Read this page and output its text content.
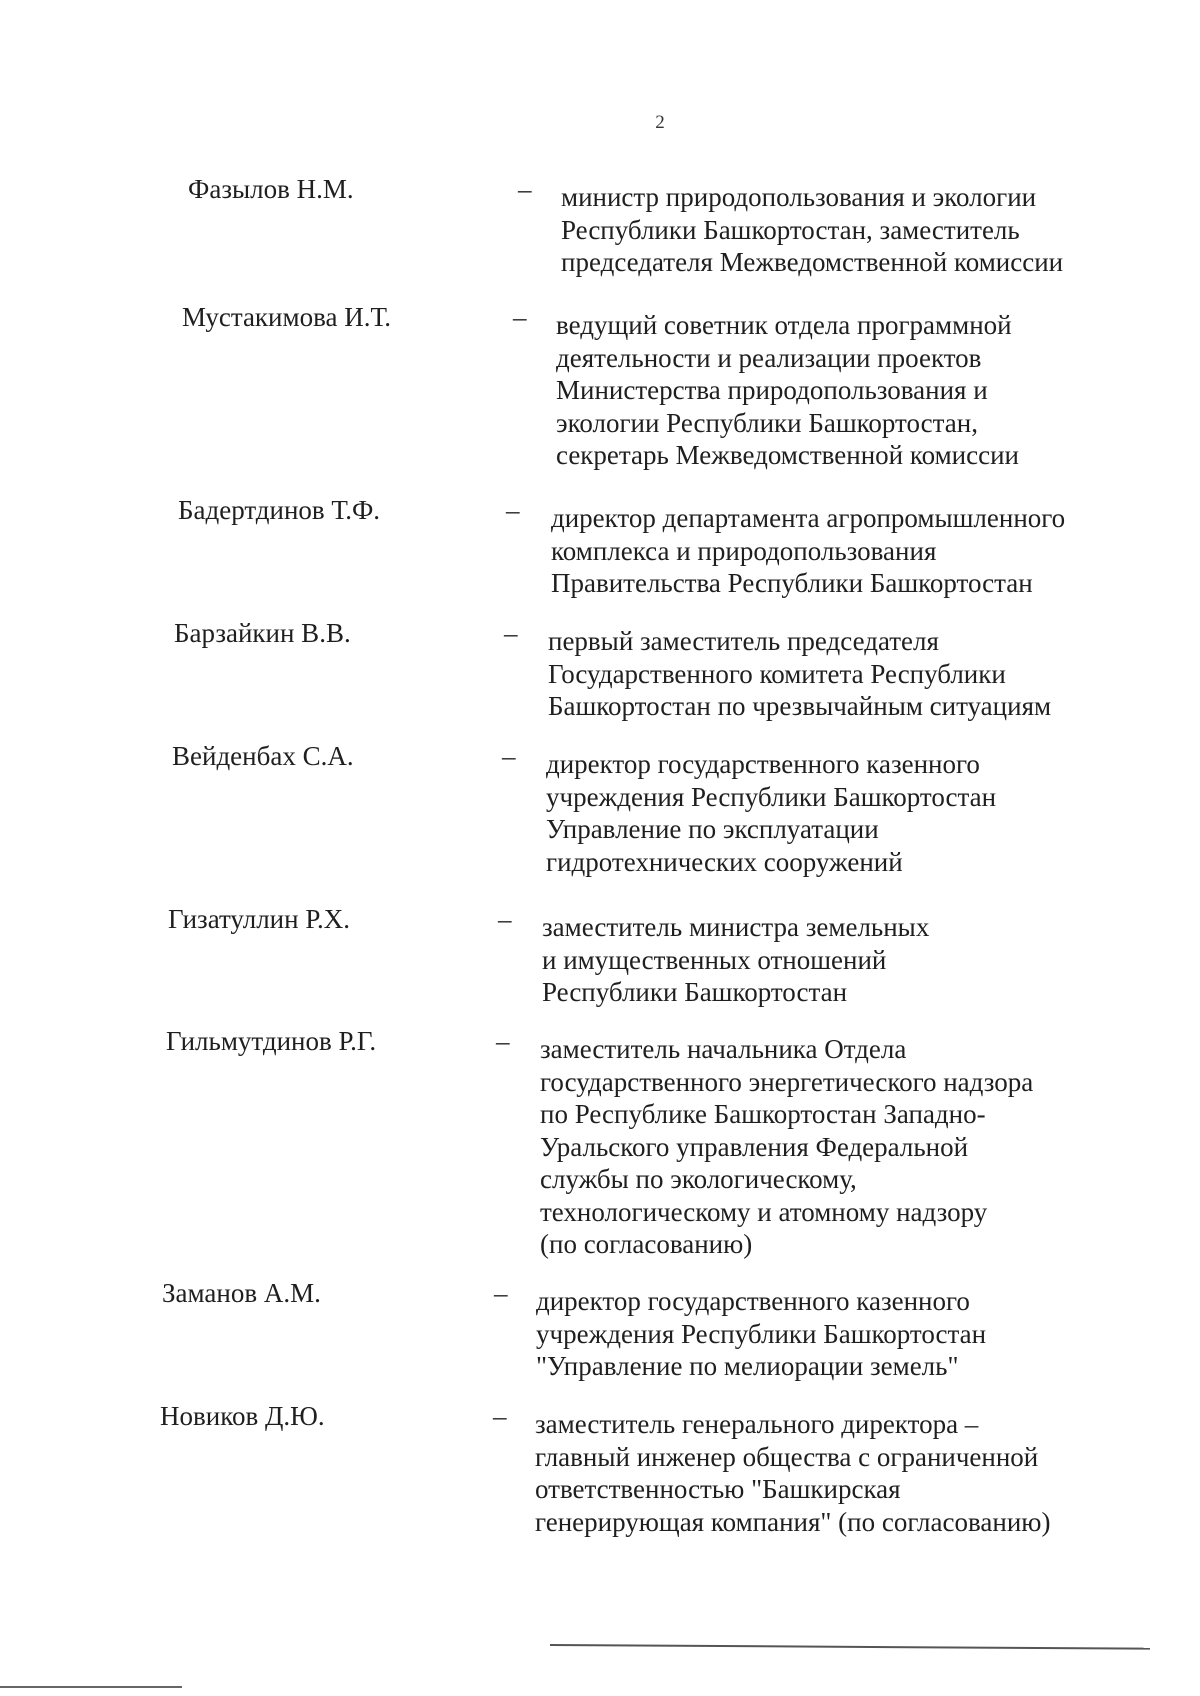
2
Фазылов Н.М.	– министр природопользования и экологии
Республики Башкортостан, заместитель
председателя Межведомственной комиссии
Мустакимова И.Т.	– ведущий советник отдела программной
деятельности и реализации проектов
Министерства природопользования и
экологии Республики Башкортостан,
секретарь Межведомственной комиссии
Бадертдинов Т.Ф.	– директор департамента агропромышленного
комплекса и природопользования
Правительства Республики Башкортостан
Барзайкин В.В.	– первый заместитель председателя
Государственного комитета Республики
Башкортостан по чрезвычайным ситуациям
Вейденбах С.А.	– директор государственного казенного
учреждения Республики Башкортостан
Управление по эксплуатации
гидротехнических сооружений
Гизатуллин Р.Х.	– заместитель министра земельных
и имущественных отношений
Республики Башкортостан
Гильмутдинов Р.Г.	– заместитель начальника Отдела
государственного энергетического надзора
по Республике Башкортостан Западно-
Уральского управления Федеральной
службы по экологическому,
технологическому и атомному надзору
(по согласованию)
Заманов А.М.	– директор государственного казенного
учреждения Республики Башкортостан
"Управление по мелиорации земель"
Новиков Д.Ю.	– заместитель генерального директора –
главный инженер общества с ограниченной
ответственностью "Башкирская
генерирующая компания" (по согласованию)
